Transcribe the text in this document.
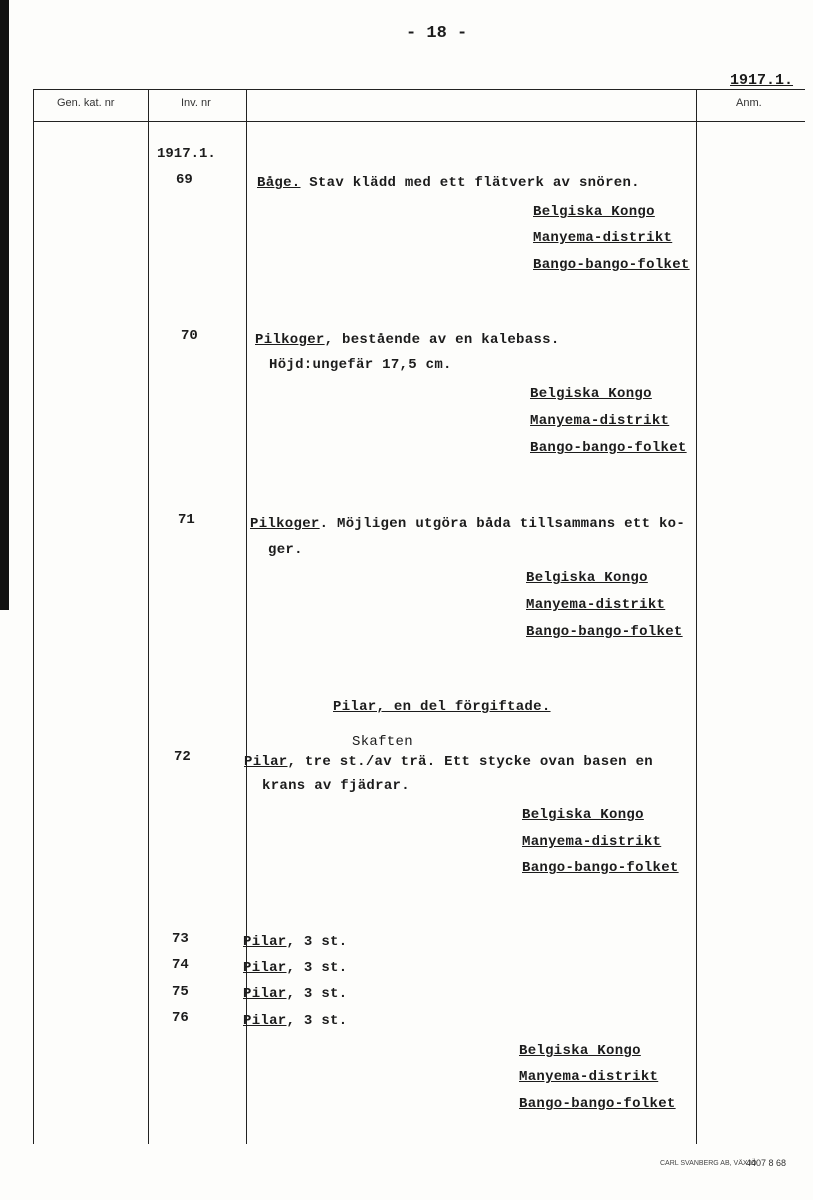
- 18 -
1917.1.
Gen. kat. nr	Inv. nr	Anm.
1917.1.
69	Båge. Stav klädd med ett flätverk av snören.
Belgiska Kongo
Manyema-distrikt
Bango-bango-folket
70	Pilkoger, bestående av en kalebass.
Höjd:ungefär 17,5 cm.
Belgiska Kongo
Manyema-distrikt
Bango-bango-folket
71	Pilkoger. Möjligen utgöra båda tillsammans ett ko-
ger.
Belgiska Kongo
Manyema-distrikt
Bango-bango-folket
Pilar, en del förgiftade.
Skaften
72	Pilar, tre st./av trä. Ett stycke ovan basen en
krans av fjädrar.
Belgiska Kongo
Manyema-distrikt
Bango-bango-folket
73	Pilar, 3 st.
74	Pilar, 3 st.
75	Pilar, 3 st.
76	Pilar, 3 st.
Belgiska Kongo
Manyema-distrikt
Bango-bango-folket
CARL SVANBERG AB, VÄXJÖ
4407 8 68
